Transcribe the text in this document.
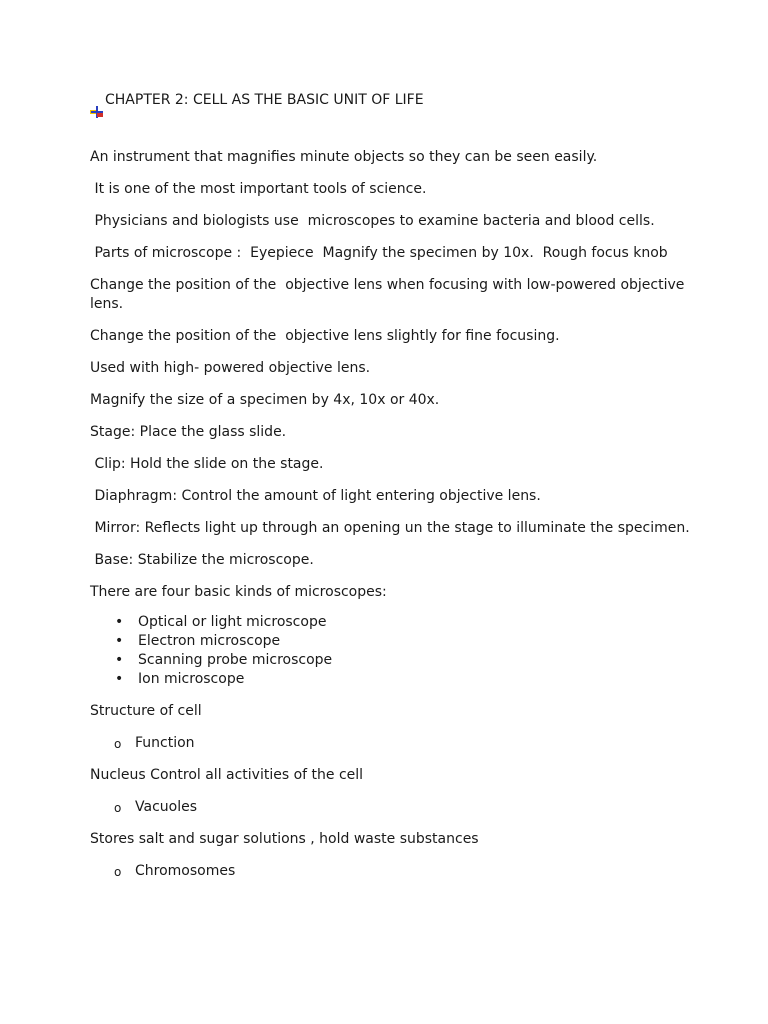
CHAPTER 2: CELL AS THE BASIC UNIT OF LIFE

An instrument that magnifies minute objects so they can be seen easily.

It is one of the most important tools of science.

Physicians and biologists use  microscopes to examine bacteria and blood cells.

Parts of microscope :  Eyepiece  Magnify the specimen by 10x.  Rough focus knob

Change the position of the  objective lens when focusing with low-powered objective lens.

Change the position of the  objective lens slightly for fine focusing.

Used with high- powered objective lens.

Magnify the size of a specimen by 4x, 10x or 40x.

Stage: Place the glass slide.

Clip: Hold the slide on the stage.

Diaphragm: Control the amount of light entering objective lens.

Mirror: Reflects light up through an opening un the stage to illuminate the specimen.

Base: Stabilize the microscope.

There are four basic kinds of microscopes:

• Optical or light microscope
• Electron microscope
• Scanning probe microscope
• Ion microscope

Structure of cell

o Function

Nucleus Control all activities of the cell

o Vacuoles

Stores salt and sugar solutions , hold waste substances

o Chromosomes
